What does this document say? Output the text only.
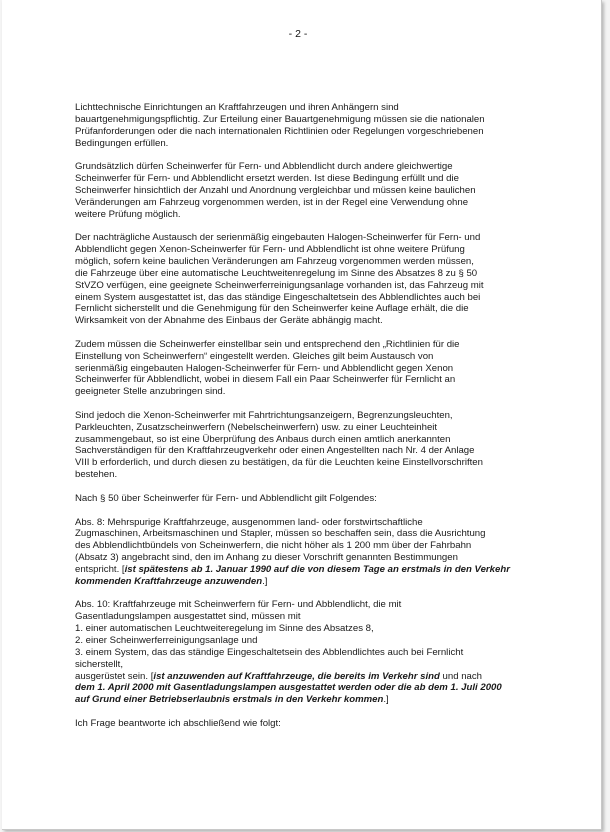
- 2 -

Lichttechnische Einrichtungen an Kraftfahrzeugen und ihren Anhängern sind
bauartgenehmigungspflichtig. Zur Erteilung einer Bauartgenehmigung müssen sie die nationalen
Prüfanforderungen oder die nach internationalen Richtlinien oder Regelungen vorgeschriebenen
Bedingungen erfüllen.

Grundsätzlich dürfen Scheinwerfer für Fern- und Abblendlicht durch andere gleichwertige
Scheinwerfer für Fern- und Abblendlicht ersetzt werden. Ist diese Bedingung erfüllt und die
Scheinwerfer hinsichtlich der Anzahl und Anordnung vergleichbar und müssen keine baulichen
Veränderungen am Fahrzeug vorgenommen werden, ist in der Regel eine Verwendung ohne
weitere Prüfung möglich.

Der nachträgliche Austausch der serienmäßig eingebauten Halogen-Scheinwerfer für Fern- und
Abblendlicht gegen Xenon-Scheinwerfer für Fern- und Abblendlicht ist ohne weitere Prüfung
möglich, sofern keine baulichen Veränderungen am Fahrzeug vorgenommen werden müssen,
die Fahrzeuge über eine automatische Leuchtweitenregelung im Sinne des Absatzes 8 zu § 50
StVZO verfügen, eine geeignete Scheinwerferreinigungsanlage vorhanden ist, das Fahrzeug mit
einem System ausgestattet ist, das das ständige Eingeschaltetsein des Abblendlichtes auch bei
Fernlicht sicherstellt und die Genehmigung für den Scheinwerfer keine Auflage erhält, die die
Wirksamkeit von der Abnahme des Einbaus der Geräte abhängig macht.

Zudem müssen die Scheinwerfer einstellbar sein und entsprechend den „Richtlinien für die
Einstellung von Scheinwerfern“ eingestellt werden. Gleiches gilt beim Austausch von
serienmäßig eingebauten Halogen-Scheinwerfer für Fern- und Abblendlicht gegen Xenon
Scheinwerfer für Abblendlicht, wobei in diesem Fall ein Paar Scheinwerfer für Fernlicht an
geeigneter Stelle anzubringen sind.

Sind jedoch die Xenon-Scheinwerfer mit Fahrtrichtungsanzeigern, Begrenzungsleuchten,
Parkleuchten, Zusatzscheinwerfern (Nebelscheinwerfern) usw. zu einer Leuchteinheit
zusammengebaut, so ist eine Überprüfung des Anbaus durch einen amtlich anerkannten
Sachverständigen für den Kraftfahrzeugverkehr oder einen Angestellten nach Nr. 4 der Anlage
VIII b erforderlich, und durch diesen zu bestätigen, da für die Leuchten keine Einstellvorschriften
bestehen.

Nach § 50 über Scheinwerfer für Fern- und Abblendlicht gilt Folgendes:

Abs. 8: Mehrspurige Kraftfahrzeuge, ausgenommen land- oder forstwirtschaftliche
Zugmaschinen, Arbeitsmaschinen und Stapler, müssen so beschaffen sein, dass die Ausrichtung
des Abblendlichtbündels von Scheinwerfern, die nicht höher als 1 200 mm über der Fahrbahn
(Absatz 3) angebracht sind, den im Anhang zu dieser Vorschrift genannten Bestimmungen
entspricht. [ist spätestens ab 1. Januar 1990 auf die von diesem Tage an erstmals in den Verkehr
kommenden Kraftfahrzeuge anzuwenden.]

Abs. 10: Kraftfahrzeuge mit Scheinwerfern für Fern- und Abblendlicht, die mit
Gasentladungslampen ausgestattet sind, müssen mit
1. einer automatischen Leuchtweiteregelung im Sinne des Absatzes 8,
2. einer Scheinwerferreinigungsanlage und
3. einem System, das das ständige Eingeschaltetsein des Abblendlichtes auch bei Fernlicht
sicherstellt,
ausgerüstet sein. [ist anzuwenden auf Kraftfahrzeuge, die bereits im Verkehr sind und nach
dem 1. April 2000 mit Gasentladungslampen ausgestattet werden oder die ab dem 1. Juli 2000
auf Grund einer Betriebserlaubnis erstmals in den Verkehr kommen.]

Ich Frage beantworte ich abschließend wie folgt:
